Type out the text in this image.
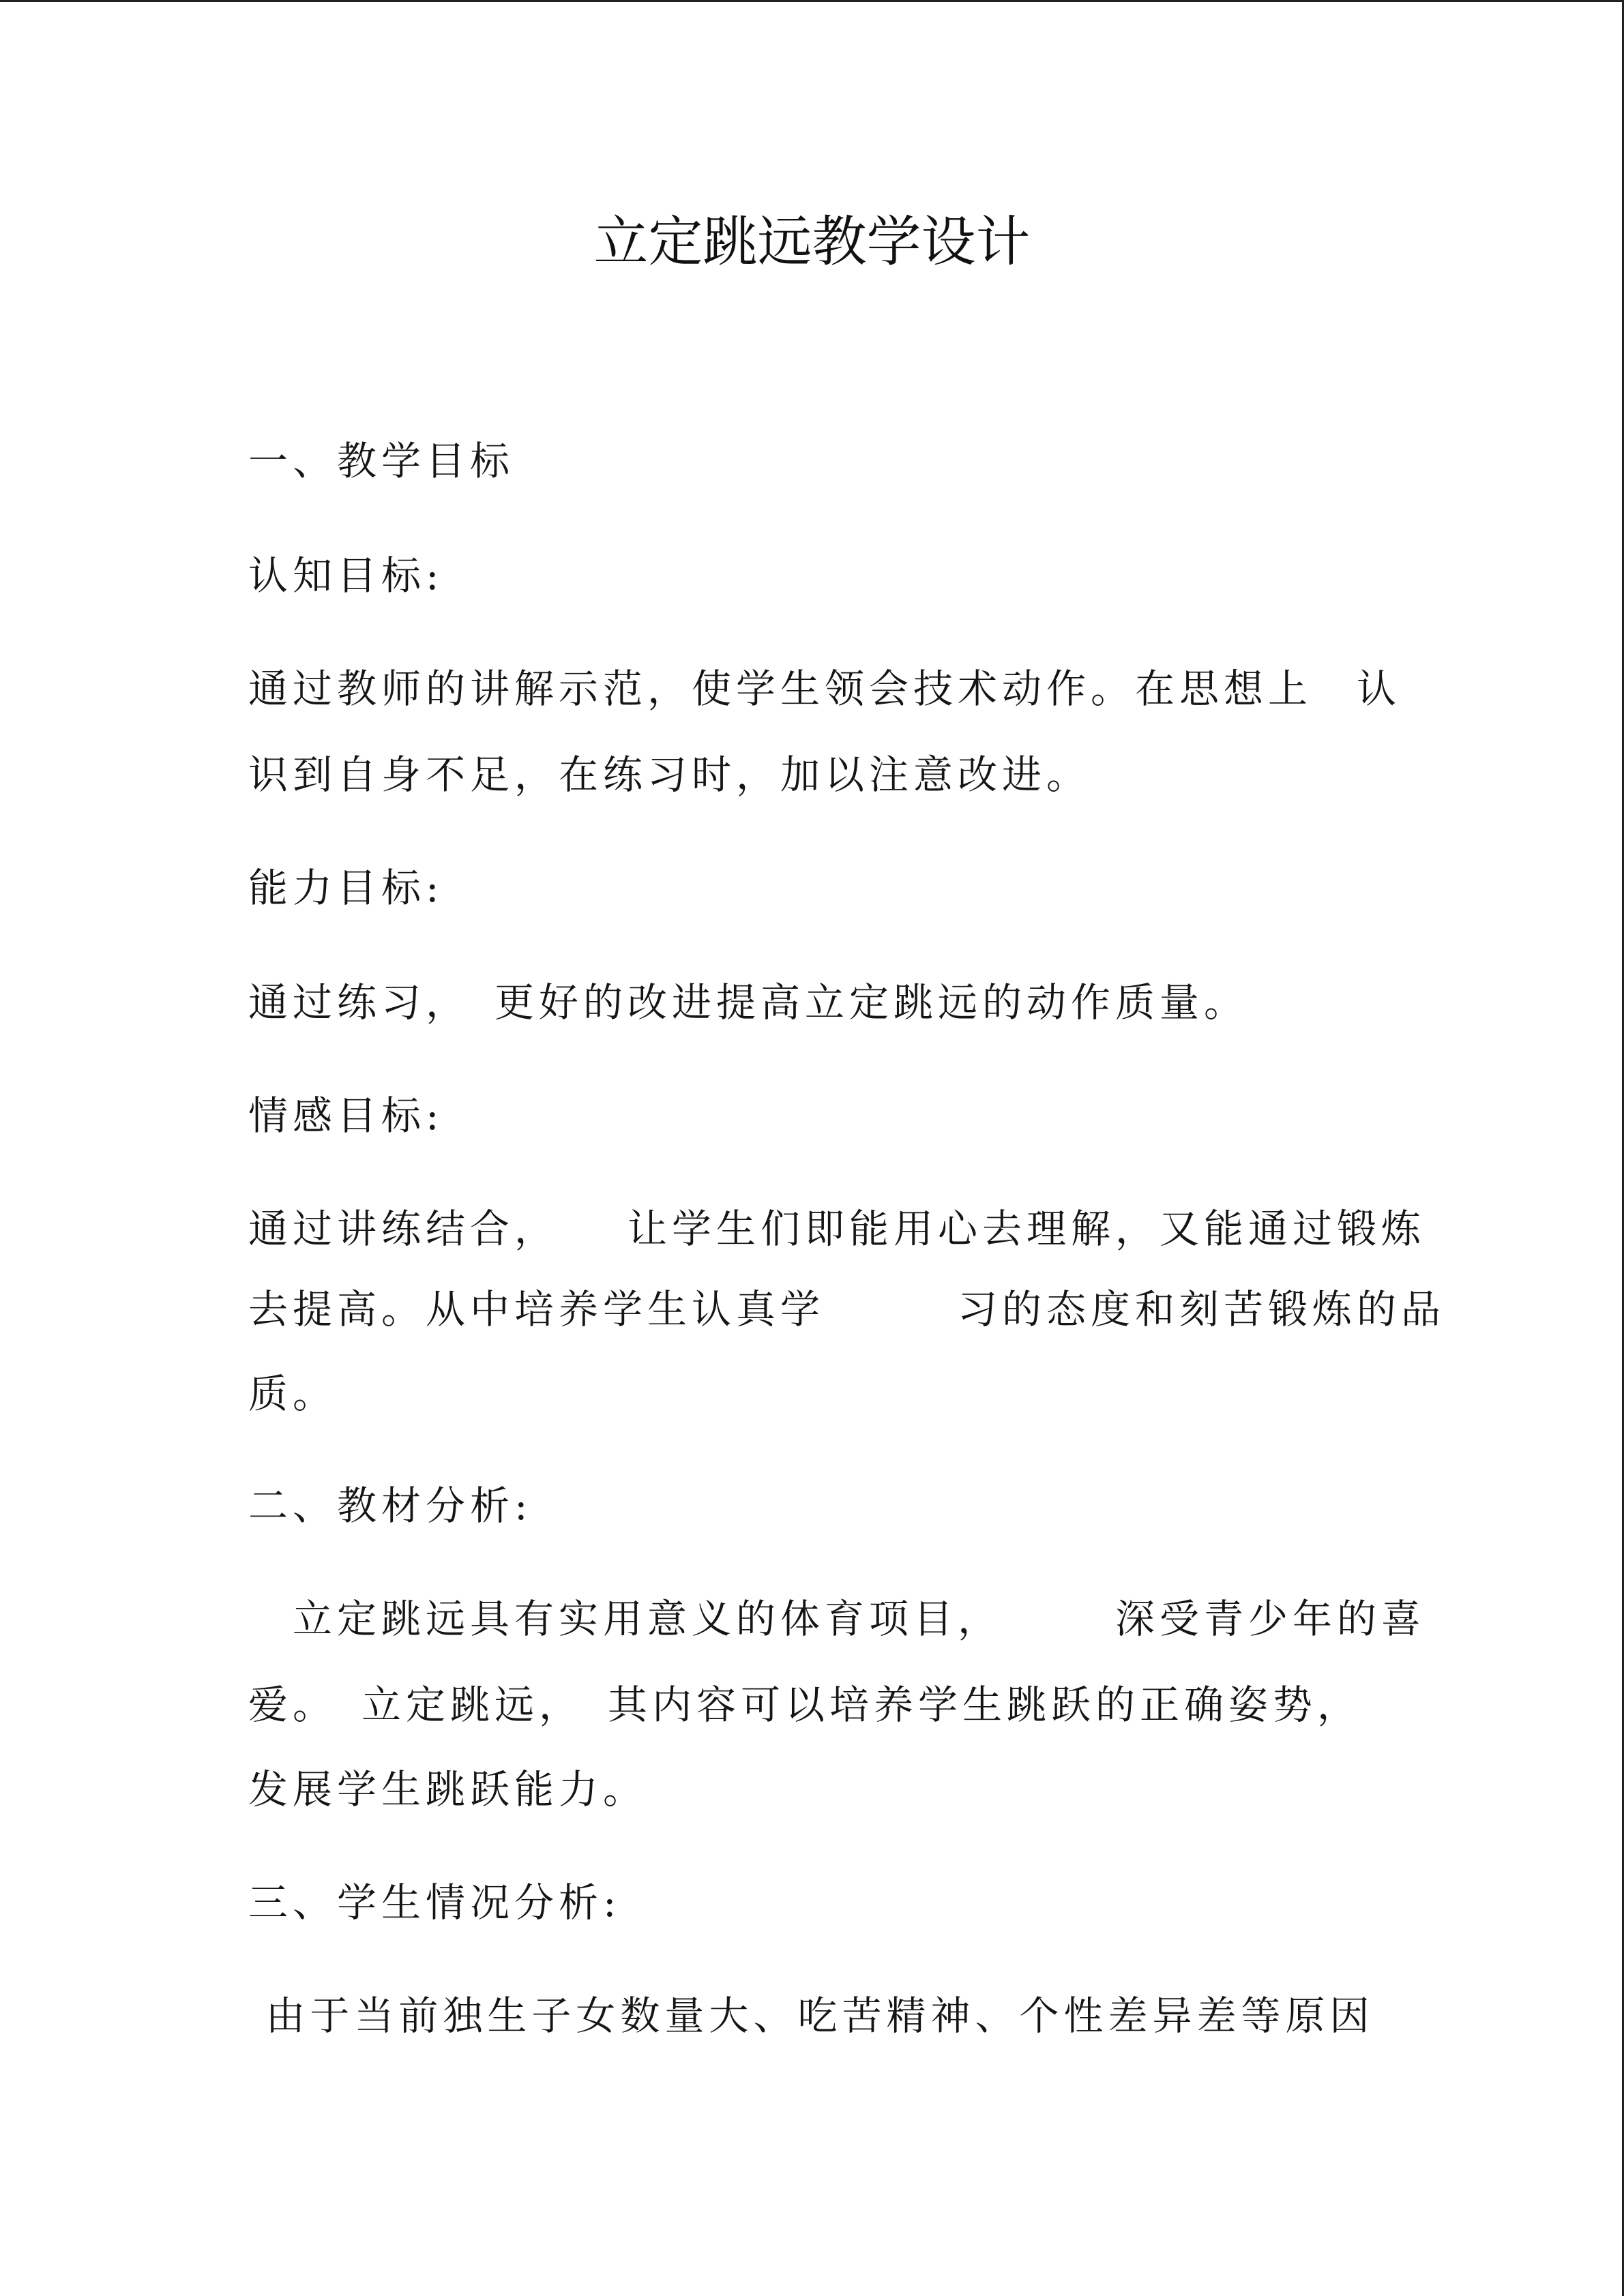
立定跳远教学设计
一、教学目标
认知目标:
通过教师的讲解示范，使学生领会技术动作。在思想上　认
识到自身不足，在练习时，加以注意改进。
能力目标:
通过练习，　更好的改进提高立定跳远的动作质量。
情感目标:
通过讲练结合，　　让学生们即能用心去理解，又能通过锻炼
去提高。从中培养学生认真学　　　习的态度和刻苦锻炼的品
质。
二、教材分析:
　立定跳远具有实用意义的体育项目，　　　深受青少年的喜
爱。　立定跳远，　其内容可以培养学生跳跃的正确姿势，
发展学生跳跃能力。
三、学生情况分析:
由于当前独生子女数量大、吃苦精神、个性差异差等原因
